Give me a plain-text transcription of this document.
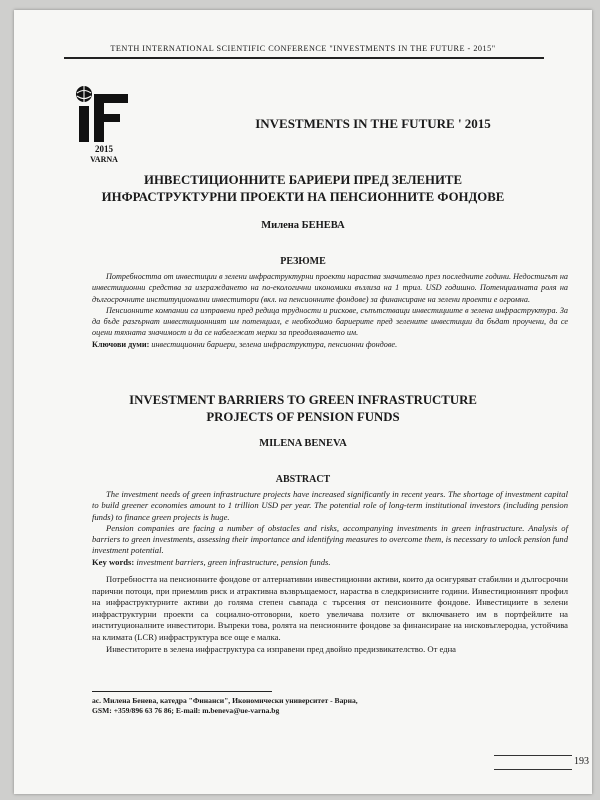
TENTH INTERNATIONAL SCIENTIFIC CONFERENCE "INVESTMENTS IN THE FUTURE - 2015"
2015
VARNA
INVESTMENTS IN THE FUTURE ' 2015
ИНВЕСТИЦИОННИТЕ БАРИЕРИ ПРЕД ЗЕЛЕНИТЕ
ИНФРАСТРУКТУРНИ ПРОЕКТИ НА ПЕНСИОННИТЕ ФОНДОВЕ
Милена БЕНЕВА
РЕЗЮМЕ

Потребността от инвестиции в зелени инфраструктурни проекти нараства значително през последните години. Недостигът на инвестиционни средства за изграждането на по-екологични икономики възлиза на 1 трил. USD годишно. Потенциалната роля на дългосрочните институционални инвеститори (вкл. на пенсионните фондове) за финансиране на зелени проекти е огромна.

Пенсионните компании са изправени пред редица трудности и рискове, съпътстващи инвестициите в зелена инфраструктура. За да бъде разгърнат инвестиционният им потенциал, е необходимо бариерите пред зелените инвестиции да бъдат проучени, да се оцени тяхната значимост и да се набележат мерки за преодоляването им.

Ключови думи: инвестиционни бариери, зелена инфраструктура, пенсионни фондове.
INVESTMENT BARRIERS TO GREEN INFRASTRUCTURE
PROJECTS OF PENSION FUNDS
MILENA BENEVA
ABSTRACT

The investment needs of green infrastructure projects have increased significantly in recent years. The shortage of investment capital to build greener economies amount to 1 trillion USD per year. The potential role of long-term institutional investors (including pension funds) to finance green projects is huge.

Pension companies are facing a number of obstacles and risks, accompanying investments in green infrastructure. Analysis of barriers to green investments, assessing their importance and identifying measures to overcome them, is necessary to unlock pension fund investment potential.

Key words: investment barriers, green infrastructure, pension funds.

Потребността на пенсионните фондове от алтернативни инвестиционни активи, които да осигуряват стабилни и дългосрочни парични потоци, при приемлив риск и атрактивна възвръщаемост, нараства в следкризисните години. Инвестиционният профил на инфраструктурните активи до голяма степен съвпада с търсения от пенсионните фондове. Инвестициите в зелени инфраструктурни проекти са социално-отговорни, което увеличава ползите от включването им в портфейлите на институционалните инвеститори. Въпреки това, ролята на пенсионните фондове за финансиране на нисковъглеродна, устойчива на климата (LCR) инфраструктура все още е малка.

Инвеститорите в зелена инфраструктура са изправени пред двойно предизвикателство. От една

ас. Милена Бенева, катедра "Финанси", Икономически университет - Варна,
GSM: +359/896 63 76 86; E-mail: m.beneva@ue-varna.bg
193
